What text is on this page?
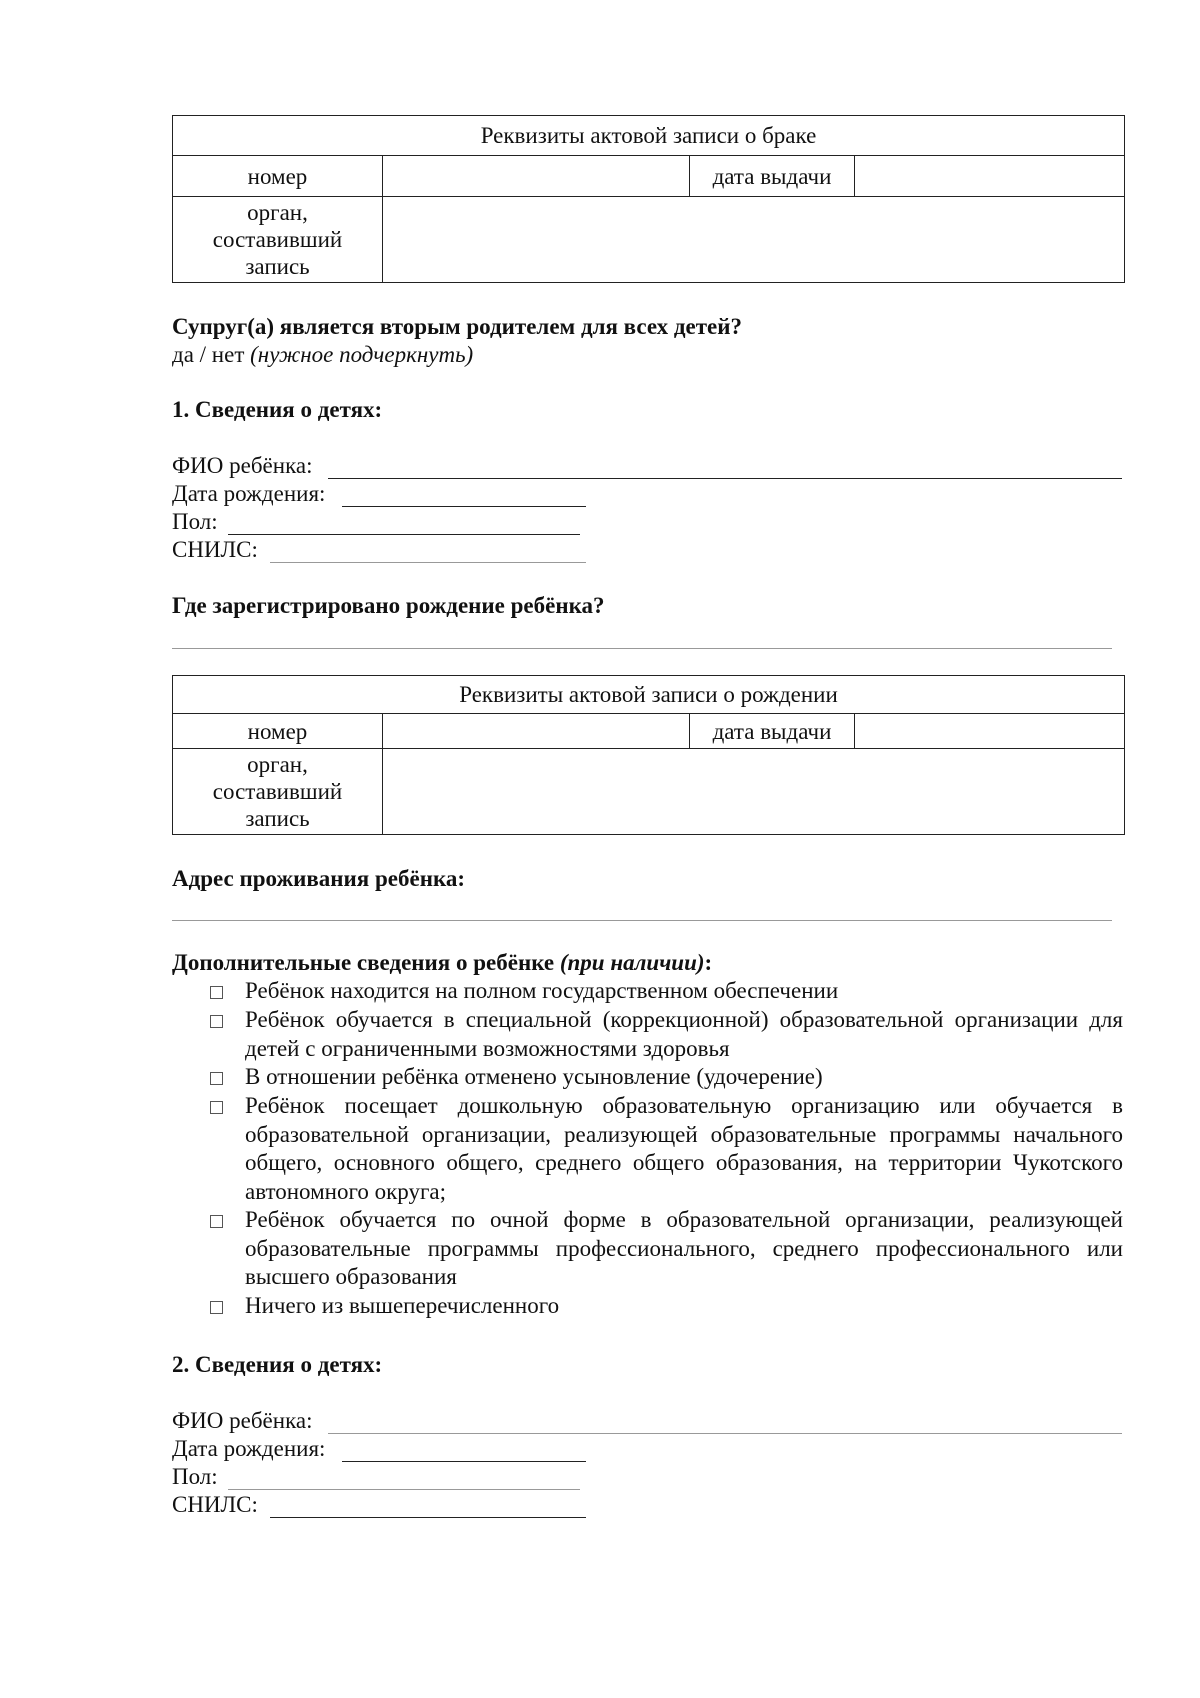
Реквизиты актовой записи о браке			
номер		дата выдачи	

орган,
составивший
запись			

Супруг(а) является вторым родителем для всех детей?
да / нет (нужное подчеркнуть)
1. Сведения о детях:
ФИО ребёнка:
Дата рождения:
Пол:
СНИЛС:
Где зарегистрировано рождение ребёнка?
Реквизиты актовой записи о рождении			
номер		дата выдачи	

орган,
составивший
запись			

Адрес проживания ребёнка:
Дополнительные сведения о ребёнке (при наличии):
Ребёнок находится на полном государственном обеспечении
Ребёнок обучается в специальной (коррекционной) образовательной организации для детей с ограниченными возможностями здоровья
В отношении ребёнка отменено усыновление (удочерение)
Ребёнок посещает дошкольную образовательную организацию или обучается в образовательной организации, реализующей образовательные программы начального общего, основного общего, среднего общего образования, на территории Чукотского автономного округа;
Ребёнок обучается по очной форме в образовательной организации, реализующей образовательные программы профессионального, среднего профессионального или высшего образования
Ничего из вышеперечисленного
2. Сведения о детях:
ФИО ребёнка:
Дата рождения:
Пол:
СНИЛС:
